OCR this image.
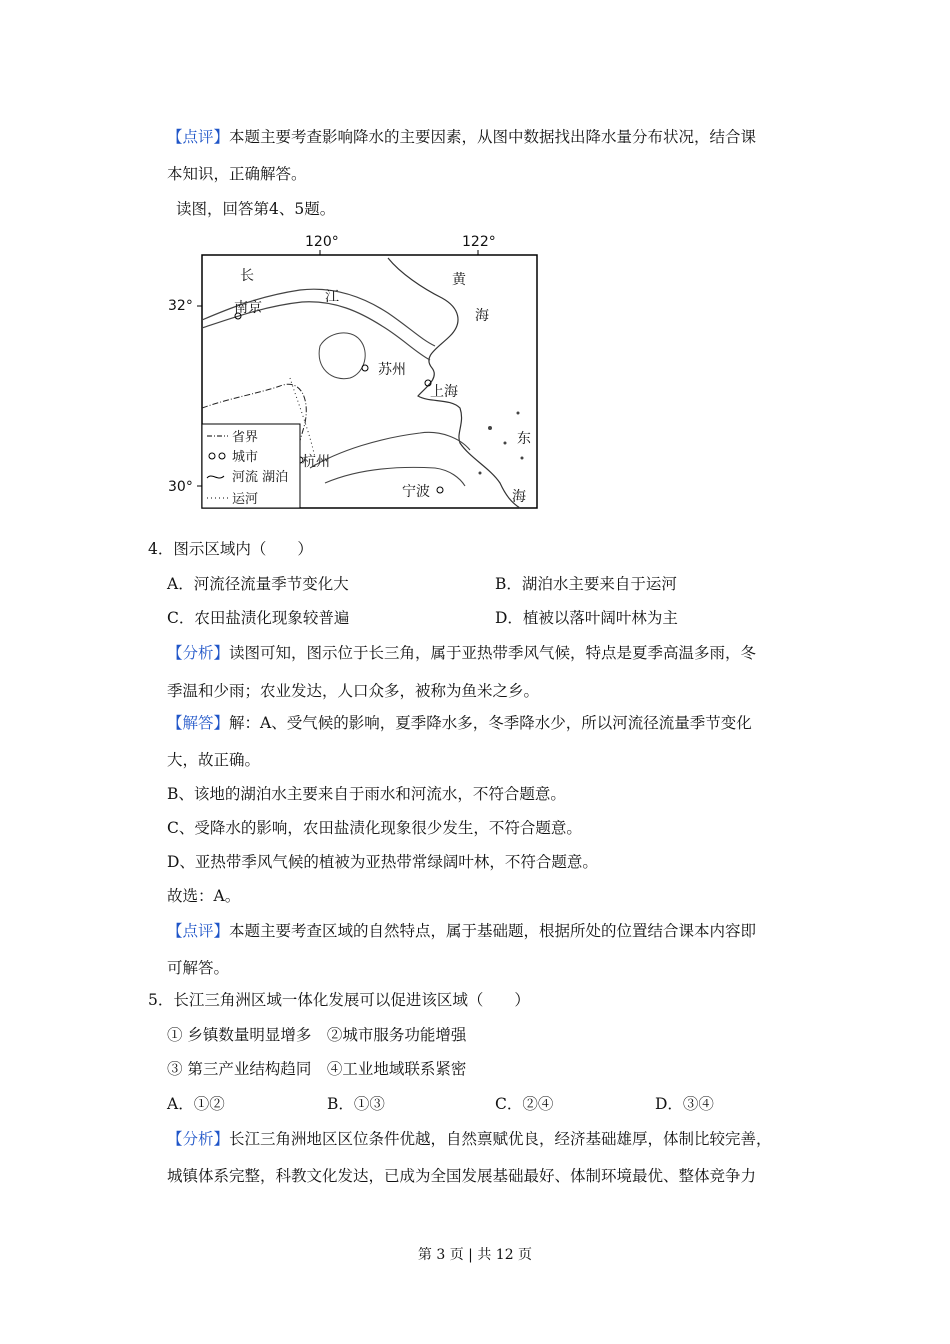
【点评】本题主要考查影响降水的主要因素，从图中数据找出降水量分布状况，结合课
本知识，正确解答。
读图，回答第4、5题。
120°	122°
32°
30°
长
江
黄
海
南京
苏州
上海
东
杭州
宁波	海
省界
城市
河流 湖泊
运河
4．图示区域内（　　）
A．河流径流量季节变化大	B．湖泊水主要来自于运河
C．农田盐渍化现象较普遍	D．植被以落叶阔叶林为主
【分析】读图可知，图示位于长三角，属于亚热带季风气候，特点是夏季高温多雨，冬
季温和少雨；农业发达，人口众多，被称为鱼米之乡。
【解答】解：A、受气候的影响，夏季降水多，冬季降水少，所以河流径流量季节变化
大，故正确。
B、该地的湖泊水主要来自于雨水和河流水，不符合题意。
C、受降水的影响，农田盐渍化现象很少发生，不符合题意。
D、亚热带季风气候的植被为亚热带常绿阔叶林，不符合题意。
故选：A。
【点评】本题主要考查区域的自然特点，属于基础题，根据所处的位置结合课本内容即
可解答。
5．长江三角洲区域一体化发展可以促进该区域（　　）
① 乡镇数量明显增多　②城市服务功能增强
③ 第三产业结构趋同　④工业地域联系紧密
A．①②	B．①③	C．②④	D．③④
【分析】长江三角洲地区区位条件优越，自然禀赋优良，经济基础雄厚，体制比较完善，
城镇体系完整，科教文化发达，已成为全国发展基础最好、体制环境最优、整体竞争力
第 3 页 | 共 12 页
